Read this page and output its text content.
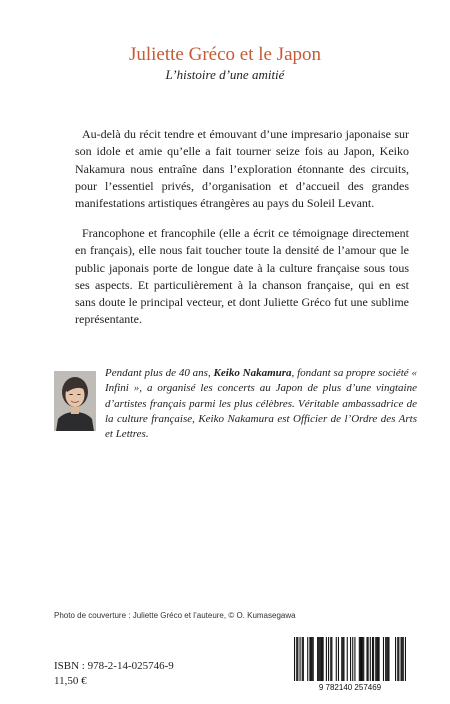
Juliette Gréco et le Japon
L’histoire d’une amitié
Au-delà du récit tendre et émouvant d’une impresario japonaise sur son idole et amie qu’elle a fait tourner seize fois au Japon, Keiko Nakamura nous entraîne dans l’exploration étonnante des circuits, pour l’essentiel privés, d’organisation et d’accueil des grandes manifestations artistiques étrangères au pays du Soleil Levant.
Francophone et francophile (elle a écrit ce témoignage directement en français), elle nous fait toucher toute la densité de l’amour que le public japonais porte de longue date à la culture française sous tous ses aspects. Et particulièrement à la chanson française, qui en est sans doute le principal vecteur, et dont Juliette Gréco fut une sublime représentante.
Pendant plus de 40 ans, Keiko Nakamura, fondant sa propre société « Infini », a organisé les concerts au Japon de plus d’une vingtaine d’artistes français parmi les plus célèbres. Véritable ambassadrice de la culture française, Keiko Nakamura est Officier de l’Ordre des Arts et Lettres.
Photo de couverture : Juliette Gréco et l’auteure, © O. Kumasegawa
ISBN : 978-2-14-025746-9
11,50 €
9 782140 257469
